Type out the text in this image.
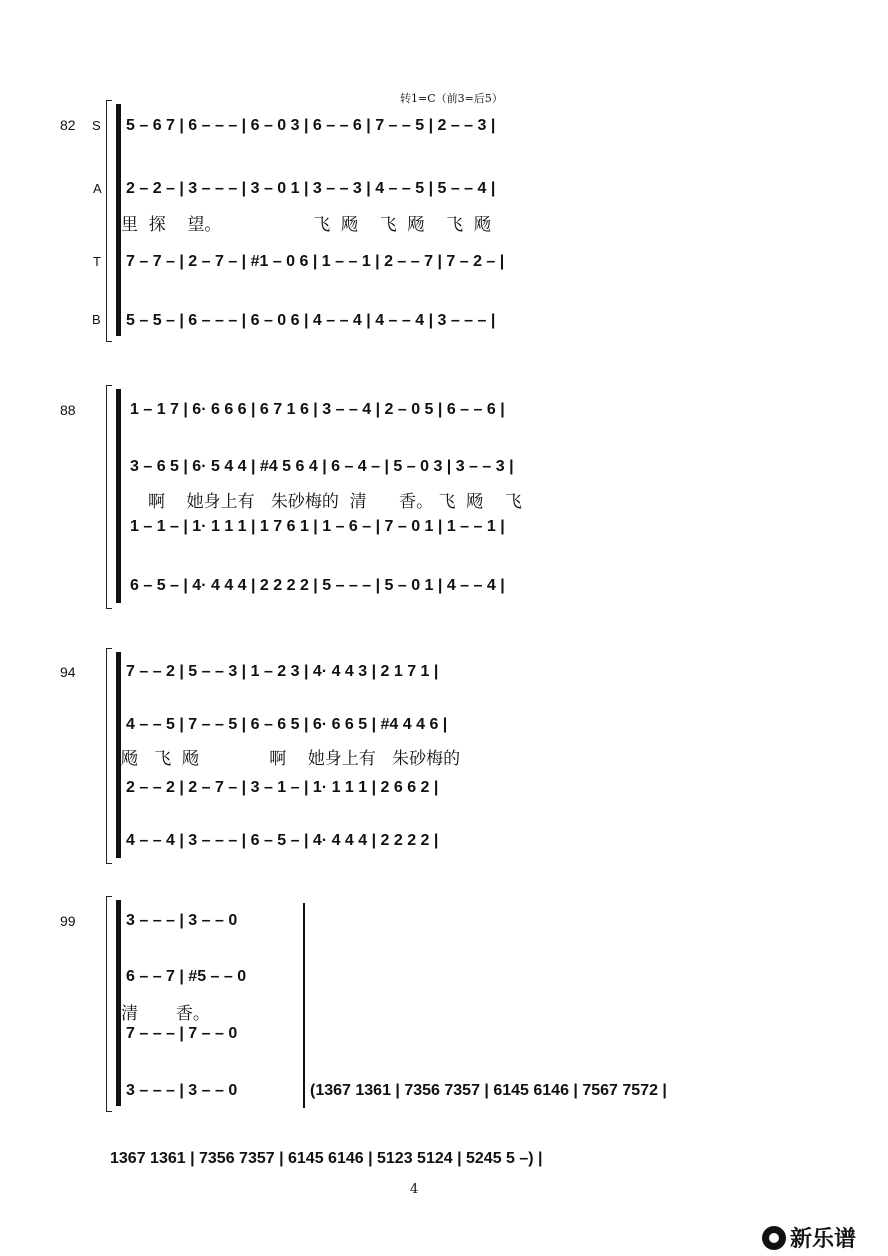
转1=C（前3=后5）
82 S
A
T
B
5 – 6 7 | 6 – – – | 6 – 0 3 | 6 – – 6 | 7 – – 5 | 2 – – 3 |
2 – 2 – | 3 – – – | 3 – 0 1 | 3 – – 3 | 4 – – 5 | 5 – – 4 |
里  探    望。                 飞  飏    飞  飏    飞  飏
7 – 7 – | 2 – 7 – | #1 – 0 6 | 1 – – 1 | 2 – – 7 | 7 – 2 – |
5 – 5 – | 6 – – – | 6 – 0 6 | 4 – – 4 | 4 – – 4 | 3 – – – |
88	1 – 1 7 | 6· 6 6 6 | 6 7 1 6 | 3 – – 4 | 2 – 0 5 | 6 – – 6 |
3 – 6 5 | 6· 5 4 4 | #4 5 6 4 | 6 – 4 – | 5 – 0 3 | 3 – – 3 |
啊    她身上有   朱砂梅的  清      香。 飞  飏    飞
1 – 1 – | 1· 1 1 1 | 1 7 6 1 | 1 – 6 – | 7 – 0 1 | 1 – – 1 |
6 – 5 – | 4· 4 4 4 | 2 2 2 2 | 5 – – – | 5 – 0 1 | 4 – – 4 |
94	7 – – 2 | 5 – – 3 | 1 – 2 3 | 4· 4 4 3 | 2 1 7 1 |
4 – – 5 | 7 – – 5 | 6 – 6 5 | 6· 6 6 5 | #4 4 4 6 |
飏   飞  飏             啊    她身上有   朱砂梅的
2 – – 2 | 2 – 7 – | 3 – 1 – | 1· 1 1 1 | 2 6 6 2 |
4 – – 4 | 3 – – – | 6 – 5 – | 4· 4 4 4 | 2 2 2 2 |
99	3 – – – | 3 – – 0
6 – – 7 | #5 – – 0
清       香。
7 – – – | 7 – – 0
3 – – – | 3 – – 0	(1367 1361 | 7356 7357 | 6145 6146 | 7567 7572 |
1367 1361 | 7356 7357 | 6145 6146 | 5123 5124 | 5245 5 –) |
4
新乐谱
